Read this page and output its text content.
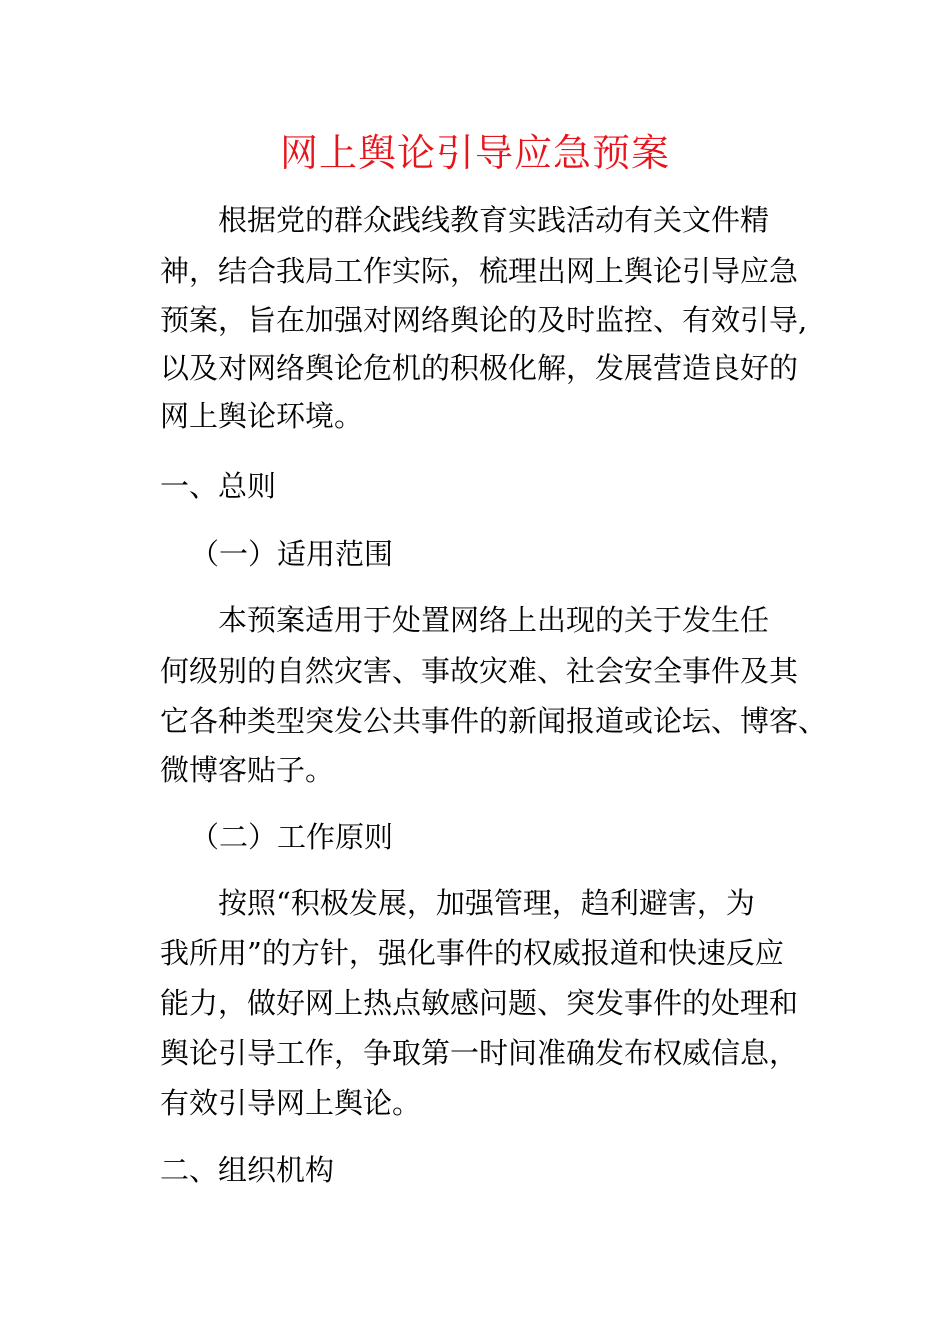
网上舆论引导应急预案
根据党的群众践线教育实践活动有关文件精
神，结合我局工作实际，梳理出网上舆论引导应急
预案，旨在加强对网络舆论的及时监控、有效引导,
以及对网络舆论危机的积极化解，发展营造良好的
网上舆论环境。
一、总则
（一）适用范围
本预案适用于处置网络上出现的关于发生任
何级别的自然灾害、事故灾难、社会安全事件及其
它各种类型突发公共事件的新闻报道或论坛、博客、
微博客贴子。
（二）工作原则
按照“积极发展，加强管理，趋利避害，为
我所用”的方针，强化事件的权威报道和快速反应
能力，做好网上热点敏感问题、突发事件的处理和
舆论引导工作，争取第一时间准确发布权威信息，
有效引导网上舆论。
二、组织机构
